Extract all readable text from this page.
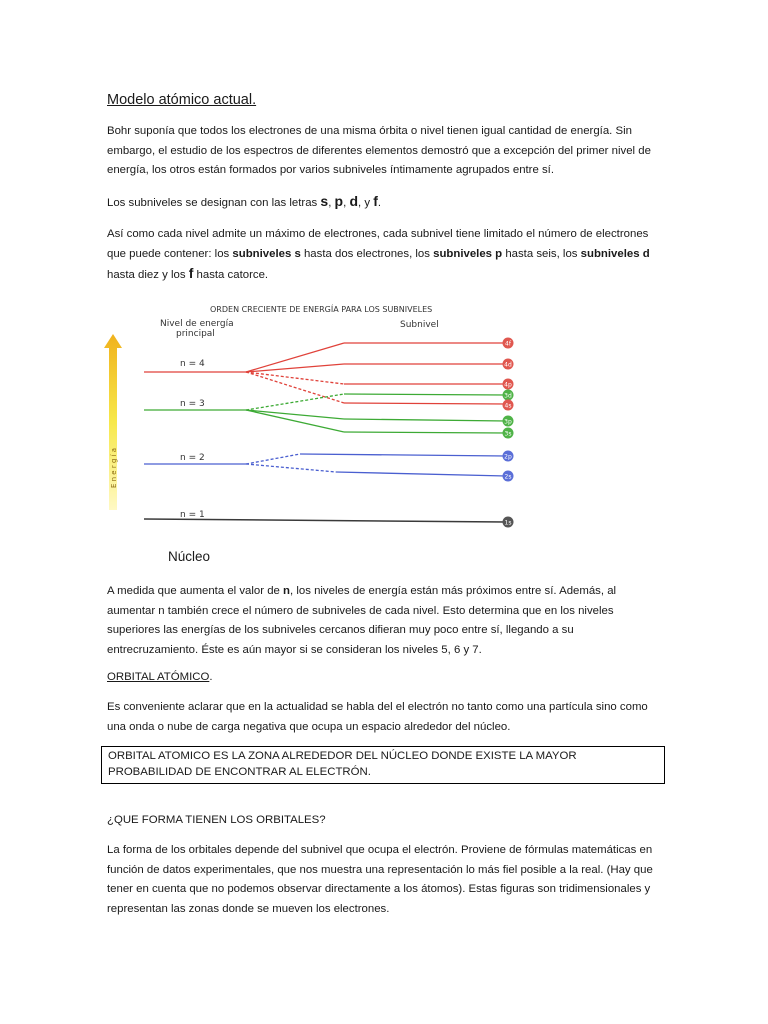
Modelo atómico actual.
Bohr suponía que todos los electrones de una misma órbita o nivel tienen igual cantidad de energía. Sin embargo, el estudio de los espectros de diferentes elementos demostró que a excepción del primer nivel de energía, los otros están formados por varios subniveles íntimamente agrupados entre sí.
Los subniveles se designan con las letras s, p, d, y f.
Así como cada nivel admite un máximo de electrones, cada subnivel tiene limitado el número de electrones que puede contener: los subniveles s hasta dos electrones, los subniveles p hasta seis, los subniveles d hasta diez y los f hasta catorce.
ORDEN CRECIENTE DE ENERGÍA PARA LOS SUBNIVELES
Nivel de energía
principal
Subnivel
E n e r g í a
n = 4
n = 3
n = 2
n = 1
4f
4d
4p
3d
4s
3p
3s
2p
2s
1s
Núcleo
A medida que aumenta el valor de n, los niveles de energía están más próximos entre sí. Además, al aumentar n también crece el número de subniveles de cada nivel. Esto determina que en los niveles superiores las energías de los subniveles cercanos difieran muy poco entre sí, llegando a su entrecruzamiento. Éste es aún mayor si se consideran los niveles 5, 6 y 7.
ORBITAL ATÓMICO.
Es conveniente aclarar que en la actualidad se habla del el electrón no tanto como una partícula sino como una onda o nube de carga negativa que ocupa un espacio alrededor del núcleo.
ORBITAL ATOMICO ES LA ZONA ALREDEDOR DEL NÚCLEO DONDE EXISTE LA MAYOR PROBABILIDAD DE ENCONTRAR AL ELECTRÓN.
¿QUE FORMA TIENEN LOS ORBITALES?
La forma de los orbitales depende del subnivel que ocupa el electrón. Proviene de fórmulas matemáticas en función de datos experimentales, que nos muestra una representación lo más fiel posible a la real. (Hay que tener en cuenta que no podemos observar directamente a los átomos). Estas figuras son tridimensionales y representan las zonas donde se mueven los electrones.
